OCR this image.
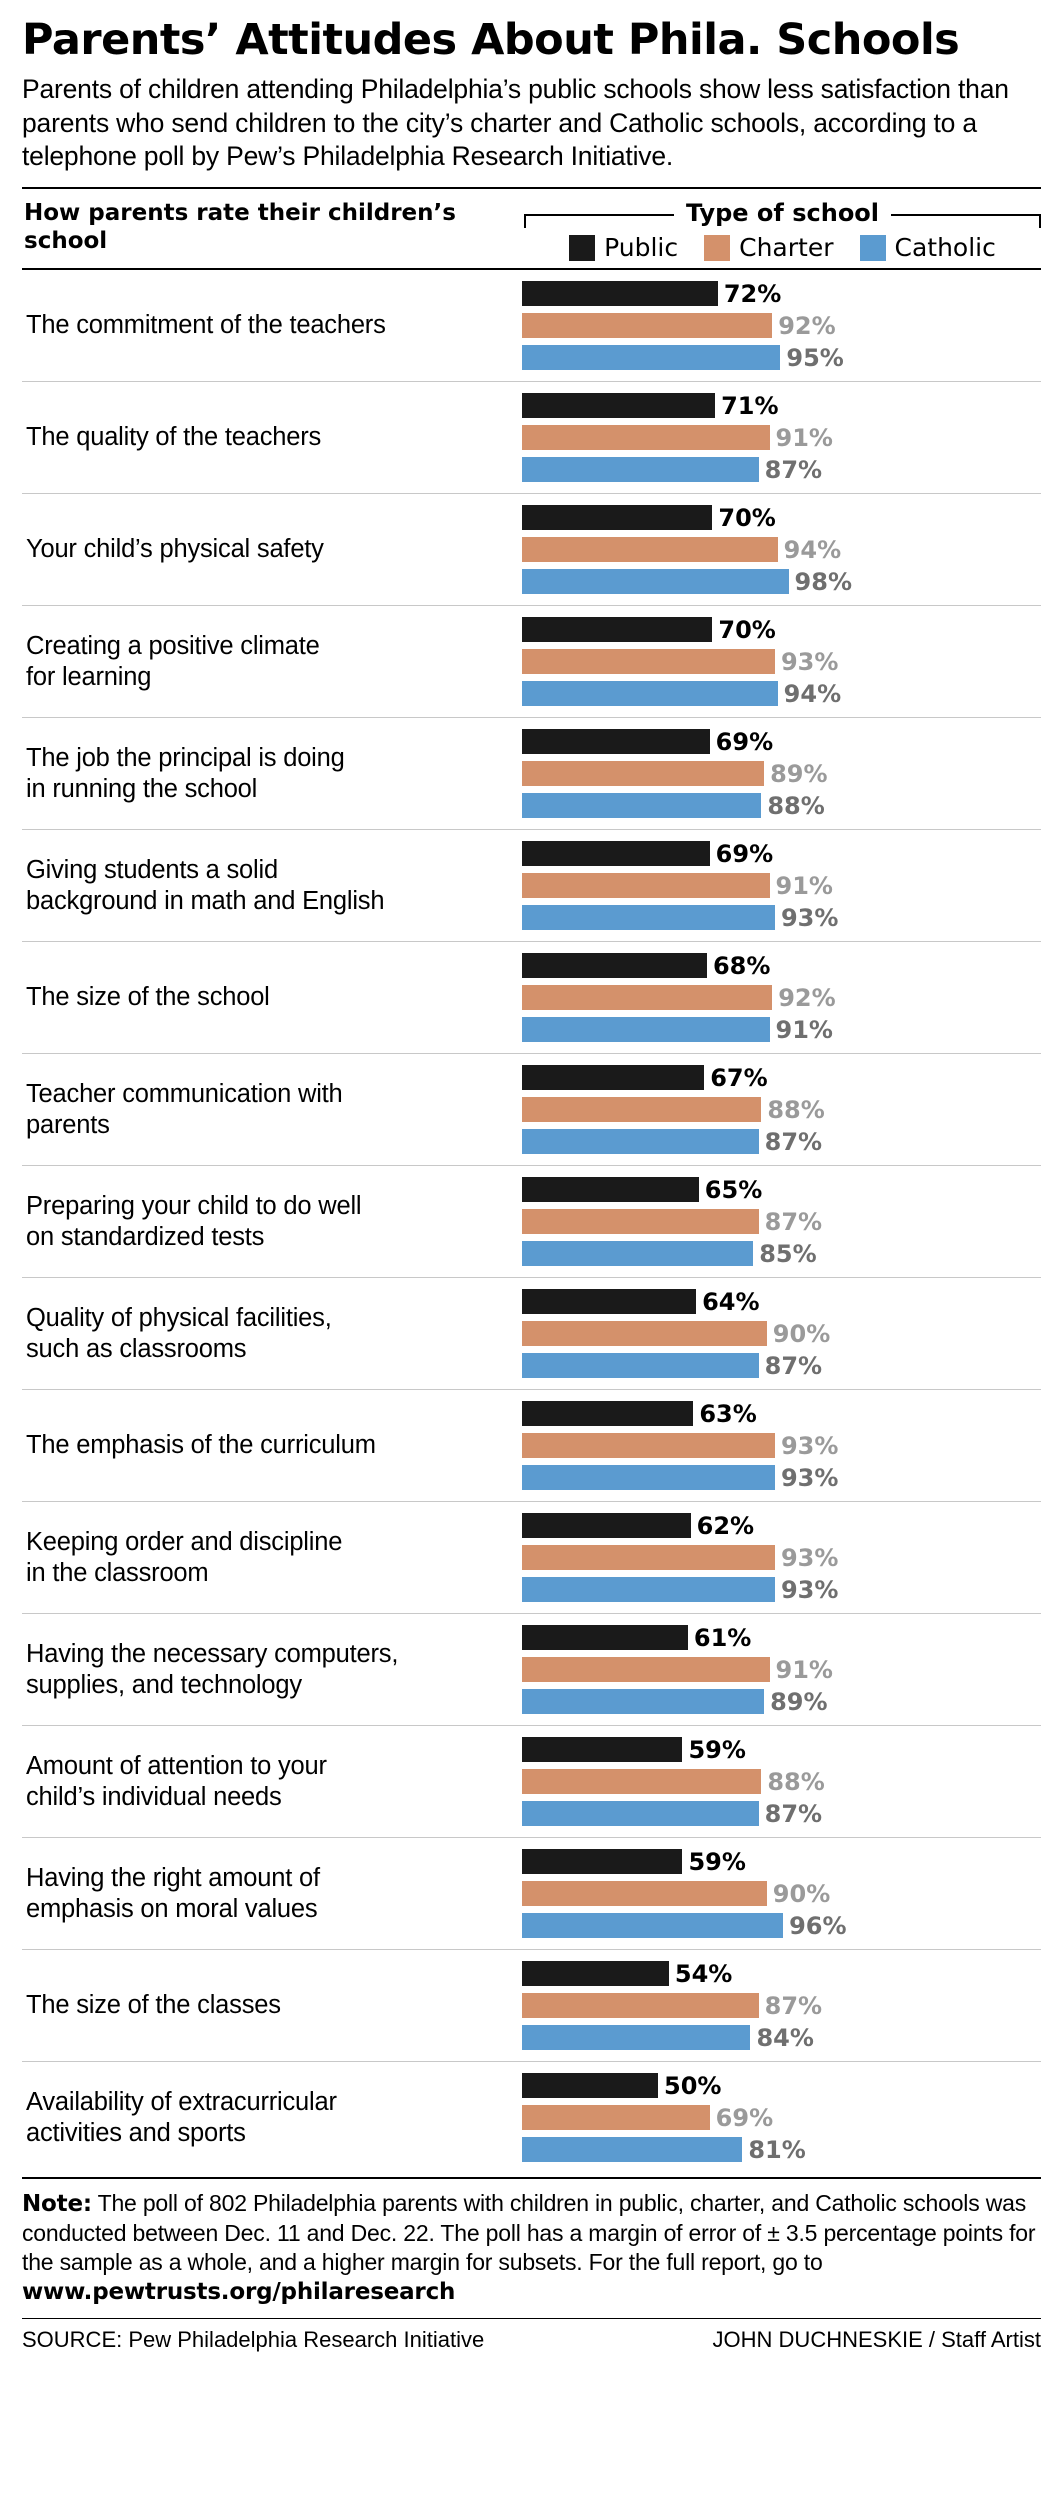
Parents’ Attitudes About Phila. Schools

Parents of children attending Philadelphia’s public schools show less satisfaction than parents who send children to the city’s charter and Catholic schools, according to a telephone poll by Pew’s Philadelphia Research Initiative.

How parents rate their children’s school
Type of school
Public Charter Catholic
The commitment of the teachers
72%
92%
95%
The quality of the teachers
71%
91%
87%
Your child’s physical safety
70%
94%
98%
Creating a positive climate
for learning
70%
93%
94%
The job the principal is doing
in running the school
69%
89%
88%
Giving students a solid
background in math and English
69%
91%
93%
The size of the school
68%
92%
91%
Teacher communication with
parents
67%
88%
87%
Preparing your child to do well
on standardized tests
65%
87%
85%
Quality of physical facilities,
such as classrooms
64%
90%
87%
The emphasis of the curriculum
63%
93%
93%
Keeping order and discipline
in the classroom
62%
93%
93%
Having the necessary computers,
supplies, and technology
61%
91%
89%
Amount of attention to your
child’s individual needs
59%
88%
87%
Having the right amount of
emphasis on moral values
59%
90%
96%
The size of the classes
54%
87%
84%
Availability of extracurricular
activities and sports
50%
69%
81%
Note: The poll of 802 Philadelphia parents with children in public, charter, and Catholic schools was conducted between Dec. 11 and Dec. 22. The poll has a margin of error of ± 3.5 percentage points for the sample as a whole, and a higher margin for subsets. For the full report, go to www.pewtrusts.org/philaresearch
SOURCE: Pew Philadelphia Research Initiative	JOHN DUCHNESKIE / Staff Artist
